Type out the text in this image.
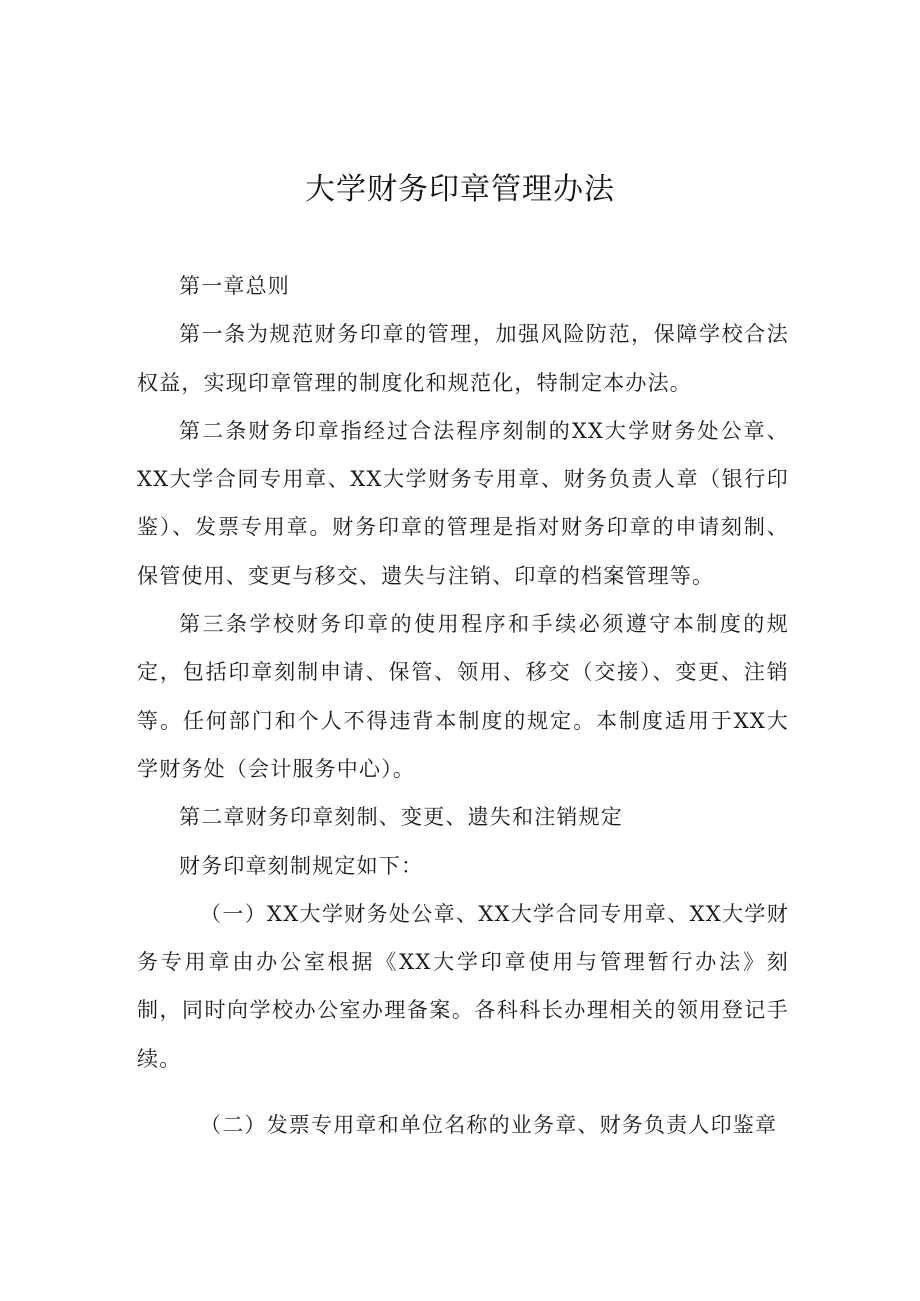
大学财务印章管理办法

第一章总则

第一条为规范财务印章的管理，加强风险防范，保障学校合法权益，实现印章管理的制度化和规范化，特制定本办法。

第二条财务印章指经过合法程序刻制的XX大学财务处公章、XX大学合同专用章、XX大学财务专用章、财务负责人章（银行印鉴）、发票专用章。财务印章的管理是指对财务印章的申请刻制、保管使用、变更与移交、遗失与注销、印章的档案管理等。

第三条学校财务印章的使用程序和手续必须遵守本制度的规定，包括印章刻制申请、保管、领用、移交（交接）、变更、注销等。任何部门和个人不得违背本制度的规定。本制度适用于XX大学财务处（会计服务中心）。

第二章财务印章刻制、变更、遗失和注销规定

财务印章刻制规定如下：

（一）XX大学财务处公章、XX大学合同专用章、XX大学财务专用章由办公室根据《XX大学印章使用与管理暂行办法》刻制，同时向学校办公室办理备案。各科科长办理相关的领用登记手续。

（二）发票专用章和单位名称的业务章、财务负责人印鉴章
